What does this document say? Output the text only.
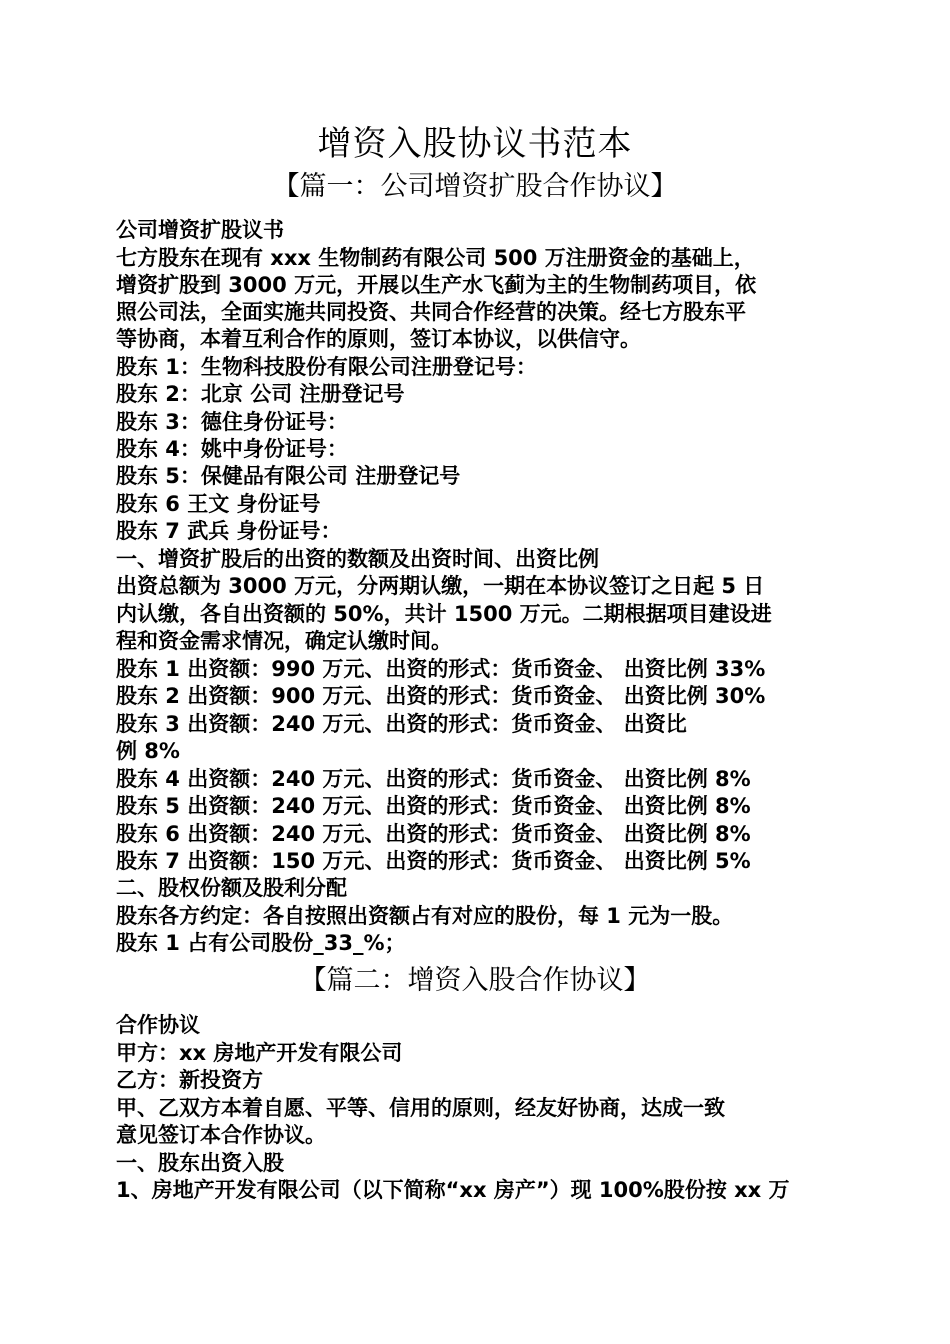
增资入股协议书范本
【篇一：公司增资扩股合作协议】
公司增资扩股议书
七方股东在现有 xxx 生物制药有限公司 500 万注册资金的基础上，
增资扩股到 3000 万元，开展以生产水飞蓟为主的生物制药项目，依
照公司法，全面实施共同投资、共同合作经营的决策。经七方股东平
等协商，本着互利合作的原则，签订本协议，以供信守。
股东 1：生物科技股份有限公司注册登记号：
股东 2：北京 公司 注册登记号
股东 3：德住身份证号：
股东 4：姚中身份证号：
股东 5：保健品有限公司 注册登记号
股东 6 王文 身份证号
股东 7 武兵 身份证号：
一、增资扩股后的出资的数额及出资时间、出资比例
出资总额为 3000 万元，分两期认缴，一期在本协议签订之日起 5 日
内认缴，各自出资额的 50%，共计 1500 万元。二期根据项目建设进
程和资金需求情况，确定认缴时间。
股东 1 出资额：990 万元、出资的形式：货币资金、 出资比例 33%
股东 2 出资额：900 万元、出资的形式：货币资金、 出资比例 30%
股东 3 出资额：240 万元、出资的形式：货币资金、 出资比
例 8%
股东 4 出资额：240 万元、出资的形式：货币资金、 出资比例 8%
股东 5 出资额：240 万元、出资的形式：货币资金、 出资比例 8%
股东 6 出资额：240 万元、出资的形式：货币资金、 出资比例 8%
股东 7 出资额：150 万元、出资的形式：货币资金、 出资比例 5%
二、股权份额及股利分配
股东各方约定：各自按照出资额占有对应的股份，每 1 元为一股。
股东 1 占有公司股份_33_%；
【篇二：增资入股合作协议】
合作协议
甲方：xx 房地产开发有限公司
乙方：新投资方
甲、乙双方本着自愿、平等、信用的原则，经友好协商，达成一致
意见签订本合作协议。
一、股东出资入股
1、房地产开发有限公司（以下简称“xx 房产”）现 100%股份按 xx 万
